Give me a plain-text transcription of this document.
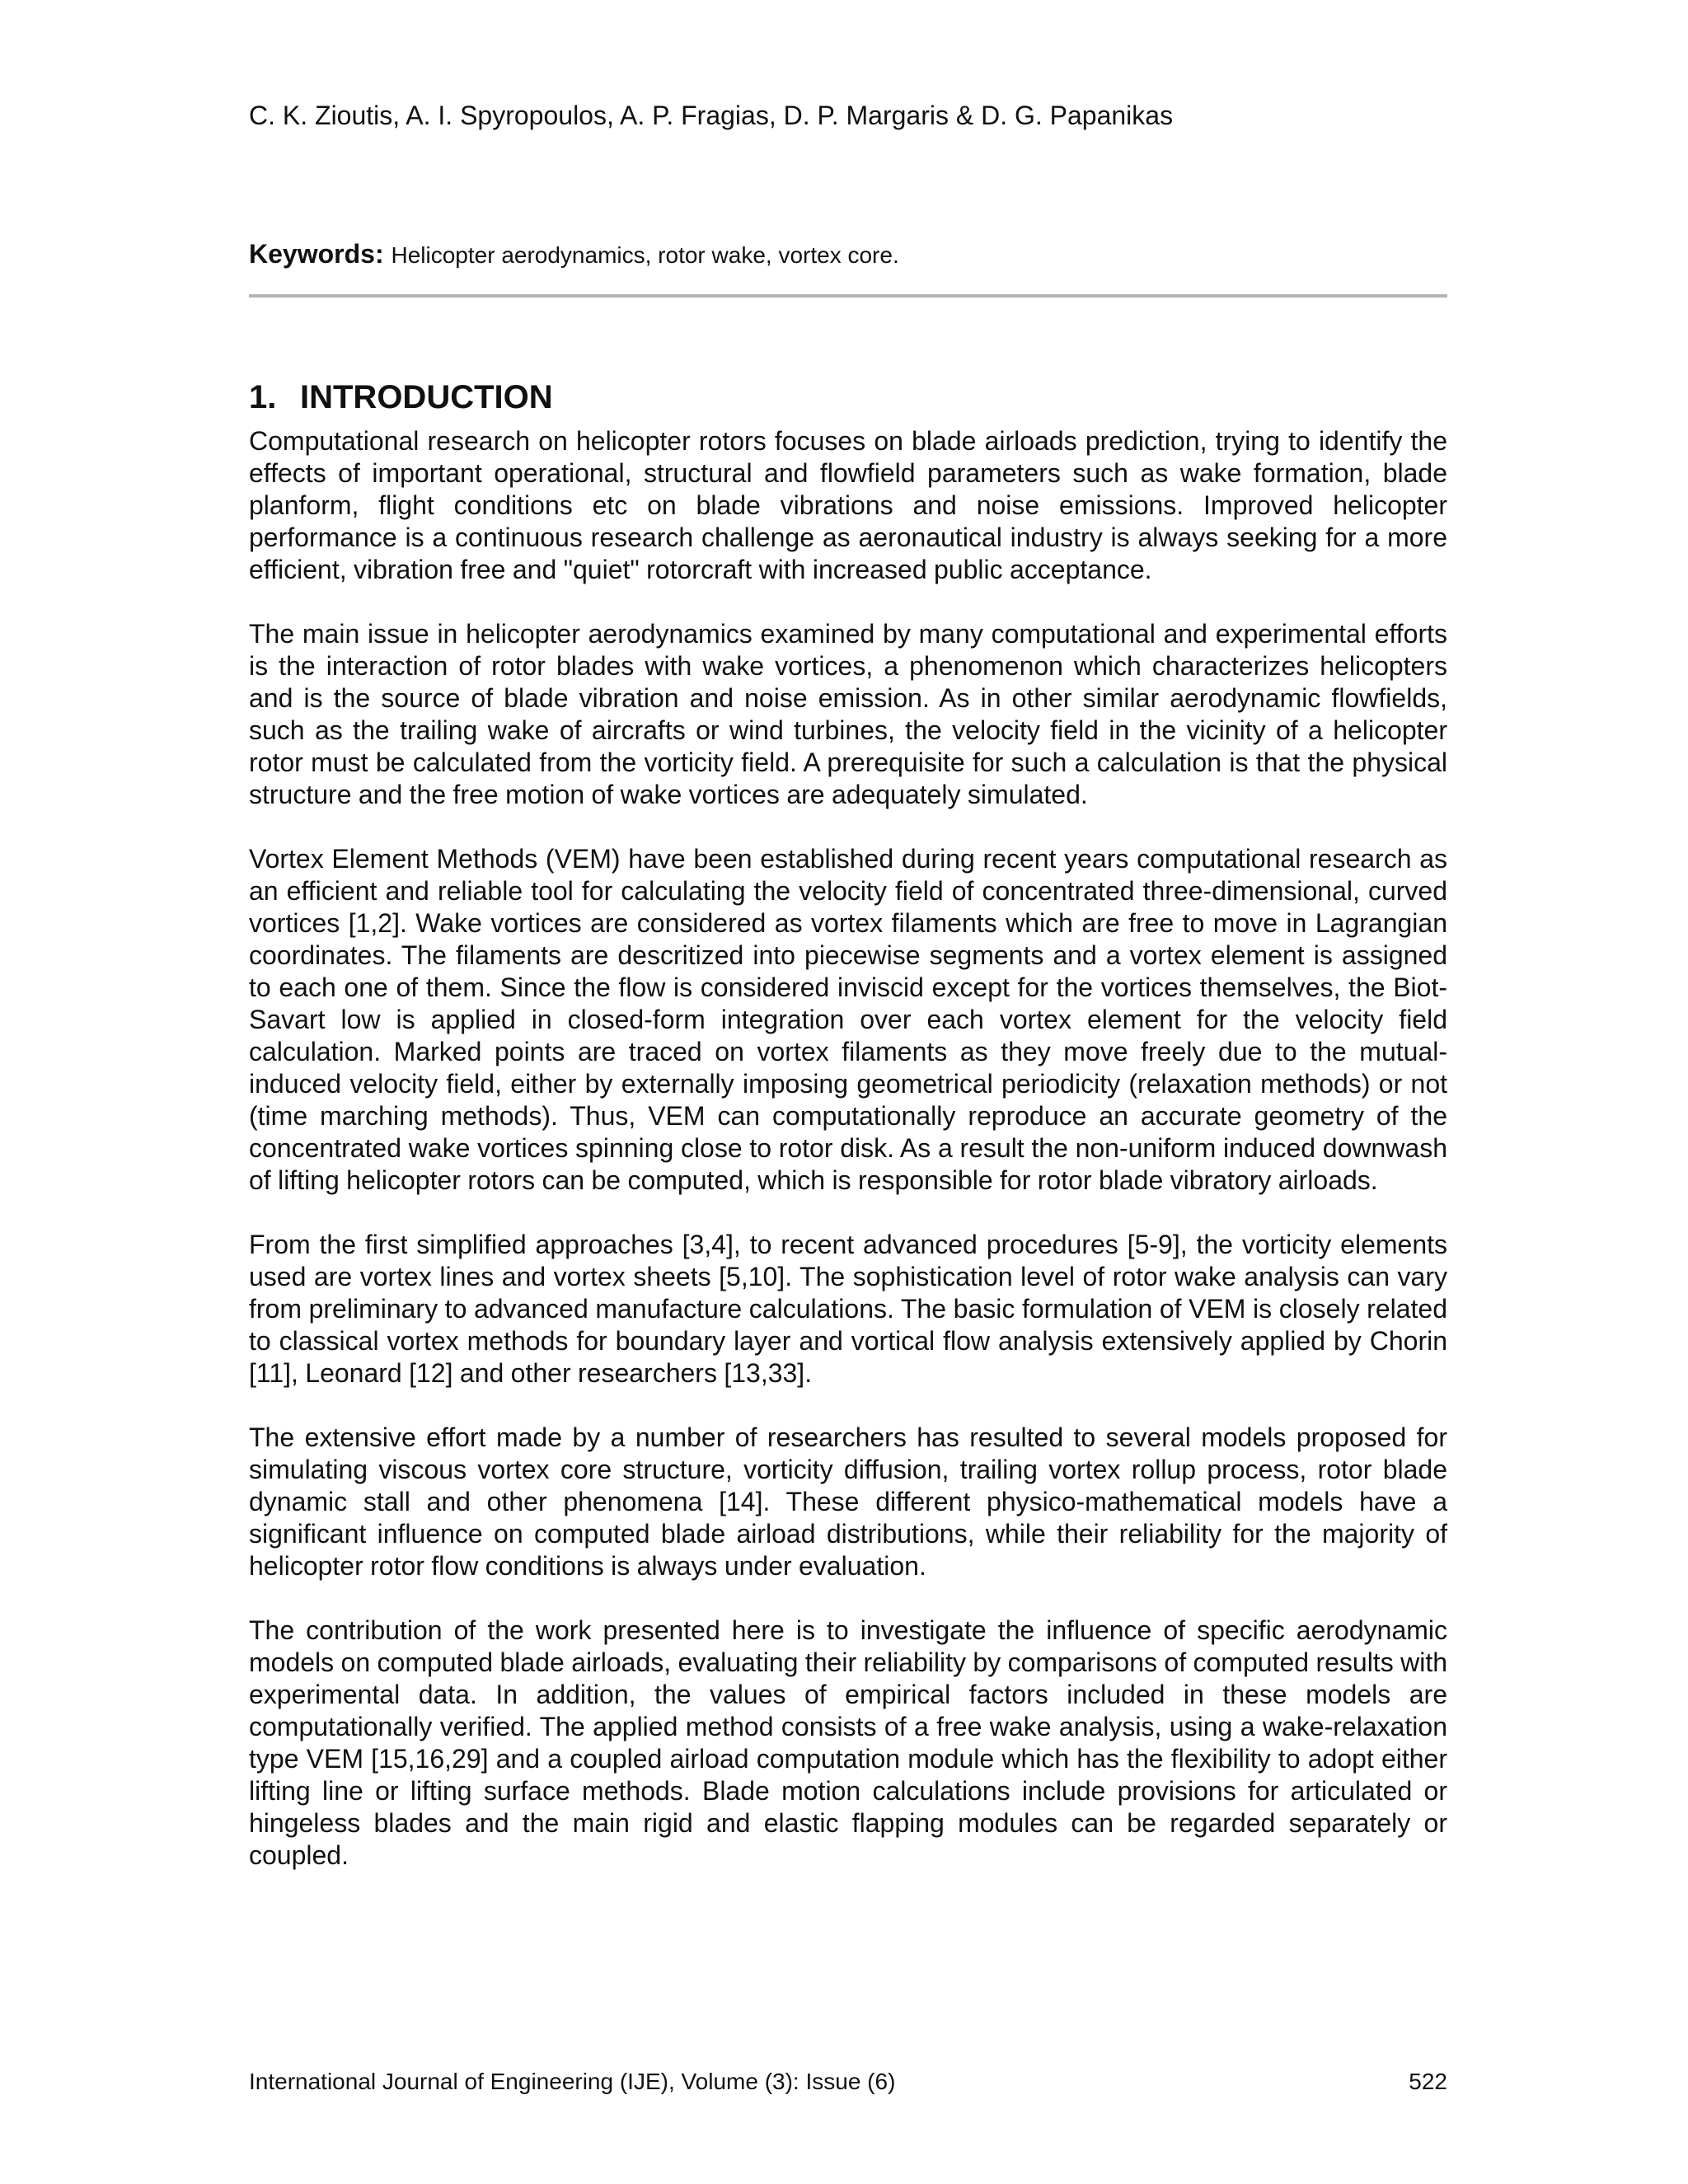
C. K. Zioutis, A. I. Spyropoulos, A. P. Fragias, D. P. Margaris & D. G. Papanikas
Keywords: Helicopter aerodynamics, rotor wake, vortex core.
1. INTRODUCTION

Computational research on helicopter rotors focuses on blade airloads prediction, trying to identify the effects of important operational, structural and flowfield parameters such as wake formation, blade planform, flight conditions etc on blade vibrations and noise emissions. Improved helicopter performance is a continuous research challenge as aeronautical industry is always seeking for a more efficient, vibration free and "quiet" rotorcraft with increased public acceptance.

The main issue in helicopter aerodynamics examined by many computational and experimental efforts is the interaction of rotor blades with wake vortices, a phenomenon which characterizes helicopters and is the source of blade vibration and noise emission. As in other similar aerodynamic flowfields, such as the trailing wake of aircrafts or wind turbines, the velocity field in the vicinity of a helicopter rotor must be calculated from the vorticity field. A prerequisite for such a calculation is that the physical structure and the free motion of wake vortices are adequately simulated.

Vortex Element Methods (VEM) have been established during recent years computational research as an efficient and reliable tool for calculating the velocity field of concentrated three-dimensional, curved vortices [1,2]. Wake vortices are considered as vortex filaments which are free to move in Lagrangian coordinates. The filaments are descritized into piecewise segments and a vortex element is assigned to each one of them. Since the flow is considered inviscid except for the vortices themselves, the Biot-Savart low is applied in closed-form integration over each vortex element for the velocity field calculation. Marked points are traced on vortex filaments as they move freely due to the mutual-induced velocity field, either by externally imposing geometrical periodicity (relaxation methods) or not (time marching methods). Thus, VEM can computationally reproduce an accurate geometry of the concentrated wake vortices spinning close to rotor disk. As a result the non-uniform induced downwash of lifting helicopter rotors can be computed, which is responsible for rotor blade vibratory airloads.

From the first simplified approaches [3,4], to recent advanced procedures [5-9], the vorticity elements used are vortex lines and vortex sheets [5,10]. The sophistication level of rotor wake analysis can vary from preliminary to advanced manufacture calculations. The basic formulation of VEM is closely related to classical vortex methods for boundary layer and vortical flow analysis extensively applied by Chorin [11], Leonard [12] and other researchers [13,33].

The extensive effort made by a number of researchers has resulted to several models proposed for simulating viscous vortex core structure, vorticity diffusion, trailing vortex rollup process, rotor blade dynamic stall and other phenomena [14]. These different physico-mathematical models have a significant influence on computed blade airload distributions, while their reliability for the majority of helicopter rotor flow conditions is always under evaluation.

The contribution of the work presented here is to investigate the influence of specific aerodynamic models on computed blade airloads, evaluating their reliability by comparisons of computed results with experimental data. In addition, the values of empirical factors included in these models are computationally verified. The applied method consists of a free wake analysis, using a wake-relaxation type VEM [15,16,29] and a coupled airload computation module which has the flexibility to adopt either lifting line or lifting surface methods. Blade motion calculations include provisions for articulated or hingeless blades and the main rigid and elastic flapping modules can be regarded separately or coupled.

International Journal of Engineering (IJE), Volume (3): Issue (6)	522
